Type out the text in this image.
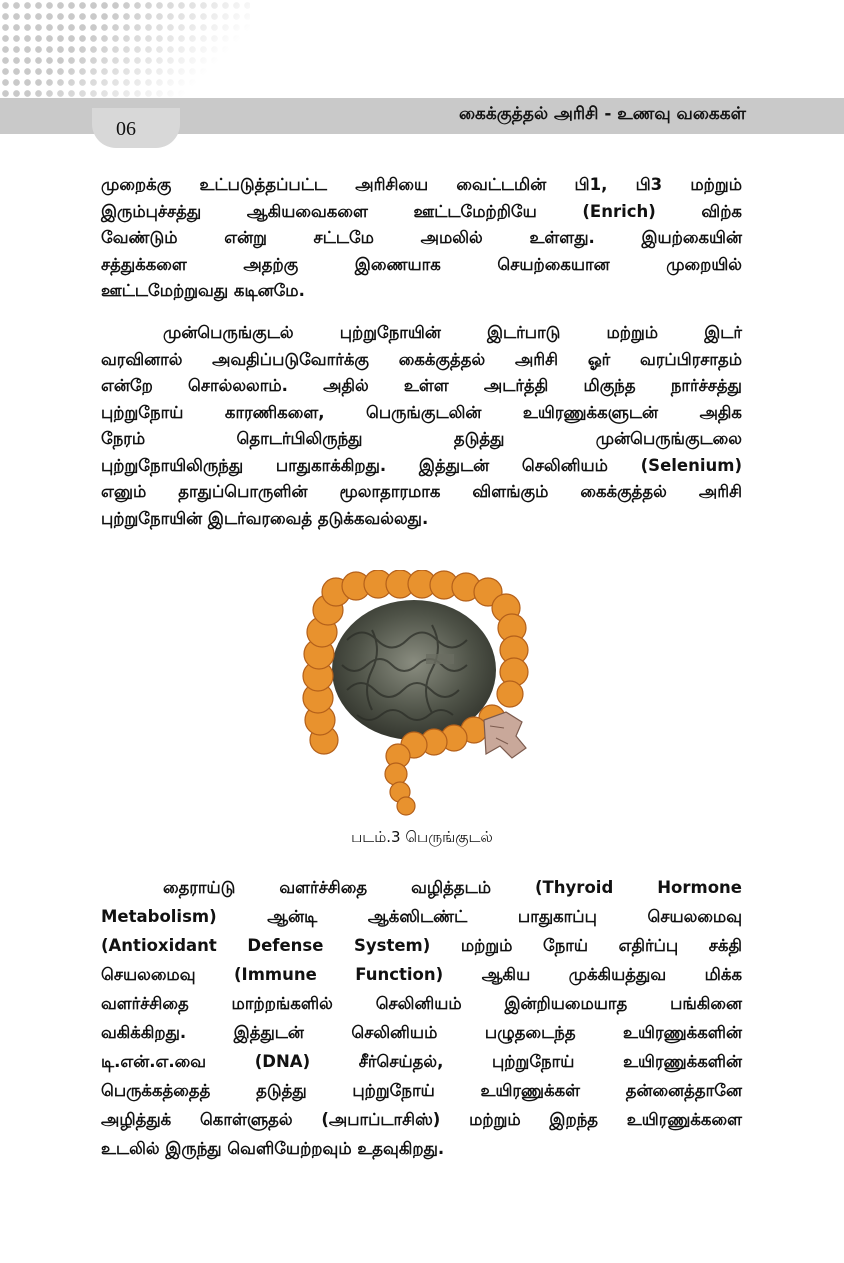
கைக்குத்தல் அரிசி - உணவு வகைகள்
06
முறைக்கு உட்படுத்தப்பட்ட அரிசியை வைட்டமின் பி1, பி3 மற்றும்
இரும்புச்சத்து ஆகியவைகளை ஊட்டமேற்றியே (Enrich) விற்க
வேண்டும் என்று சட்டமே அமலில் உள்ளது. இயற்கையின்
சத்துக்களை அதற்கு இணையாக செயற்கையான முறையில்
ஊட்டமேற்றுவது கடினமே.
முன்பெருங்குடல் புற்றுநோயின் இடர்பாடு மற்றும் இடர்
வரவினால் அவதிப்படுவோர்க்கு கைக்குத்தல் அரிசி ஓர் வரப்பிரசாதம்
என்றே சொல்லலாம். அதில் உள்ள அடர்த்தி மிகுந்த நார்ச்சத்து
புற்றுநோய் காரணிகளை, பெருங்குடலின் உயிரணுக்களுடன் அதிக
நேரம் தொடர்பிலிருந்து தடுத்து முன்பெருங்குடலை
புற்றுநோயிலிருந்து பாதுகாக்கிறது. இத்துடன் செலினியம் (Selenium)
எனும் தாதுப்பொருளின் மூலாதாரமாக விளங்கும் கைக்குத்தல் அரிசி
புற்றுநோயின் இடர்வரவைத் தடுக்கவல்லது.
படம்.3 பெருங்குடல்
தைராய்டு வளர்ச்சிதை வழித்தடம் (Thyroid Hormone
Metabolism) ஆன்டி ஆக்ஸிடண்ட் பாதுகாப்பு செயலமைவு
(Antioxidant Defense System) மற்றும் நோய் எதிர்ப்பு சக்தி
செயலமைவு (Immune Function) ஆகிய முக்கியத்துவ மிக்க
வளர்ச்சிதை மாற்றங்களில் செலினியம் இன்றியமையாத பங்கினை
வகிக்கிறது. இத்துடன் செலினியம் பழுதடைந்த உயிரணுக்களின்
டி.என்.எ.வை (DNA) சீர்செய்தல், புற்றுநோய் உயிரணுக்களின்
பெருக்கத்தைத் தடுத்து புற்றுநோய் உயிரணுக்கள் தன்னைத்தானே
அழித்துக் கொள்ளுதல் (அபாப்டாசிஸ்) மற்றும் இறந்த உயிரணுக்களை
உடலில் இருந்து வெளியேற்றவும் உதவுகிறது.
